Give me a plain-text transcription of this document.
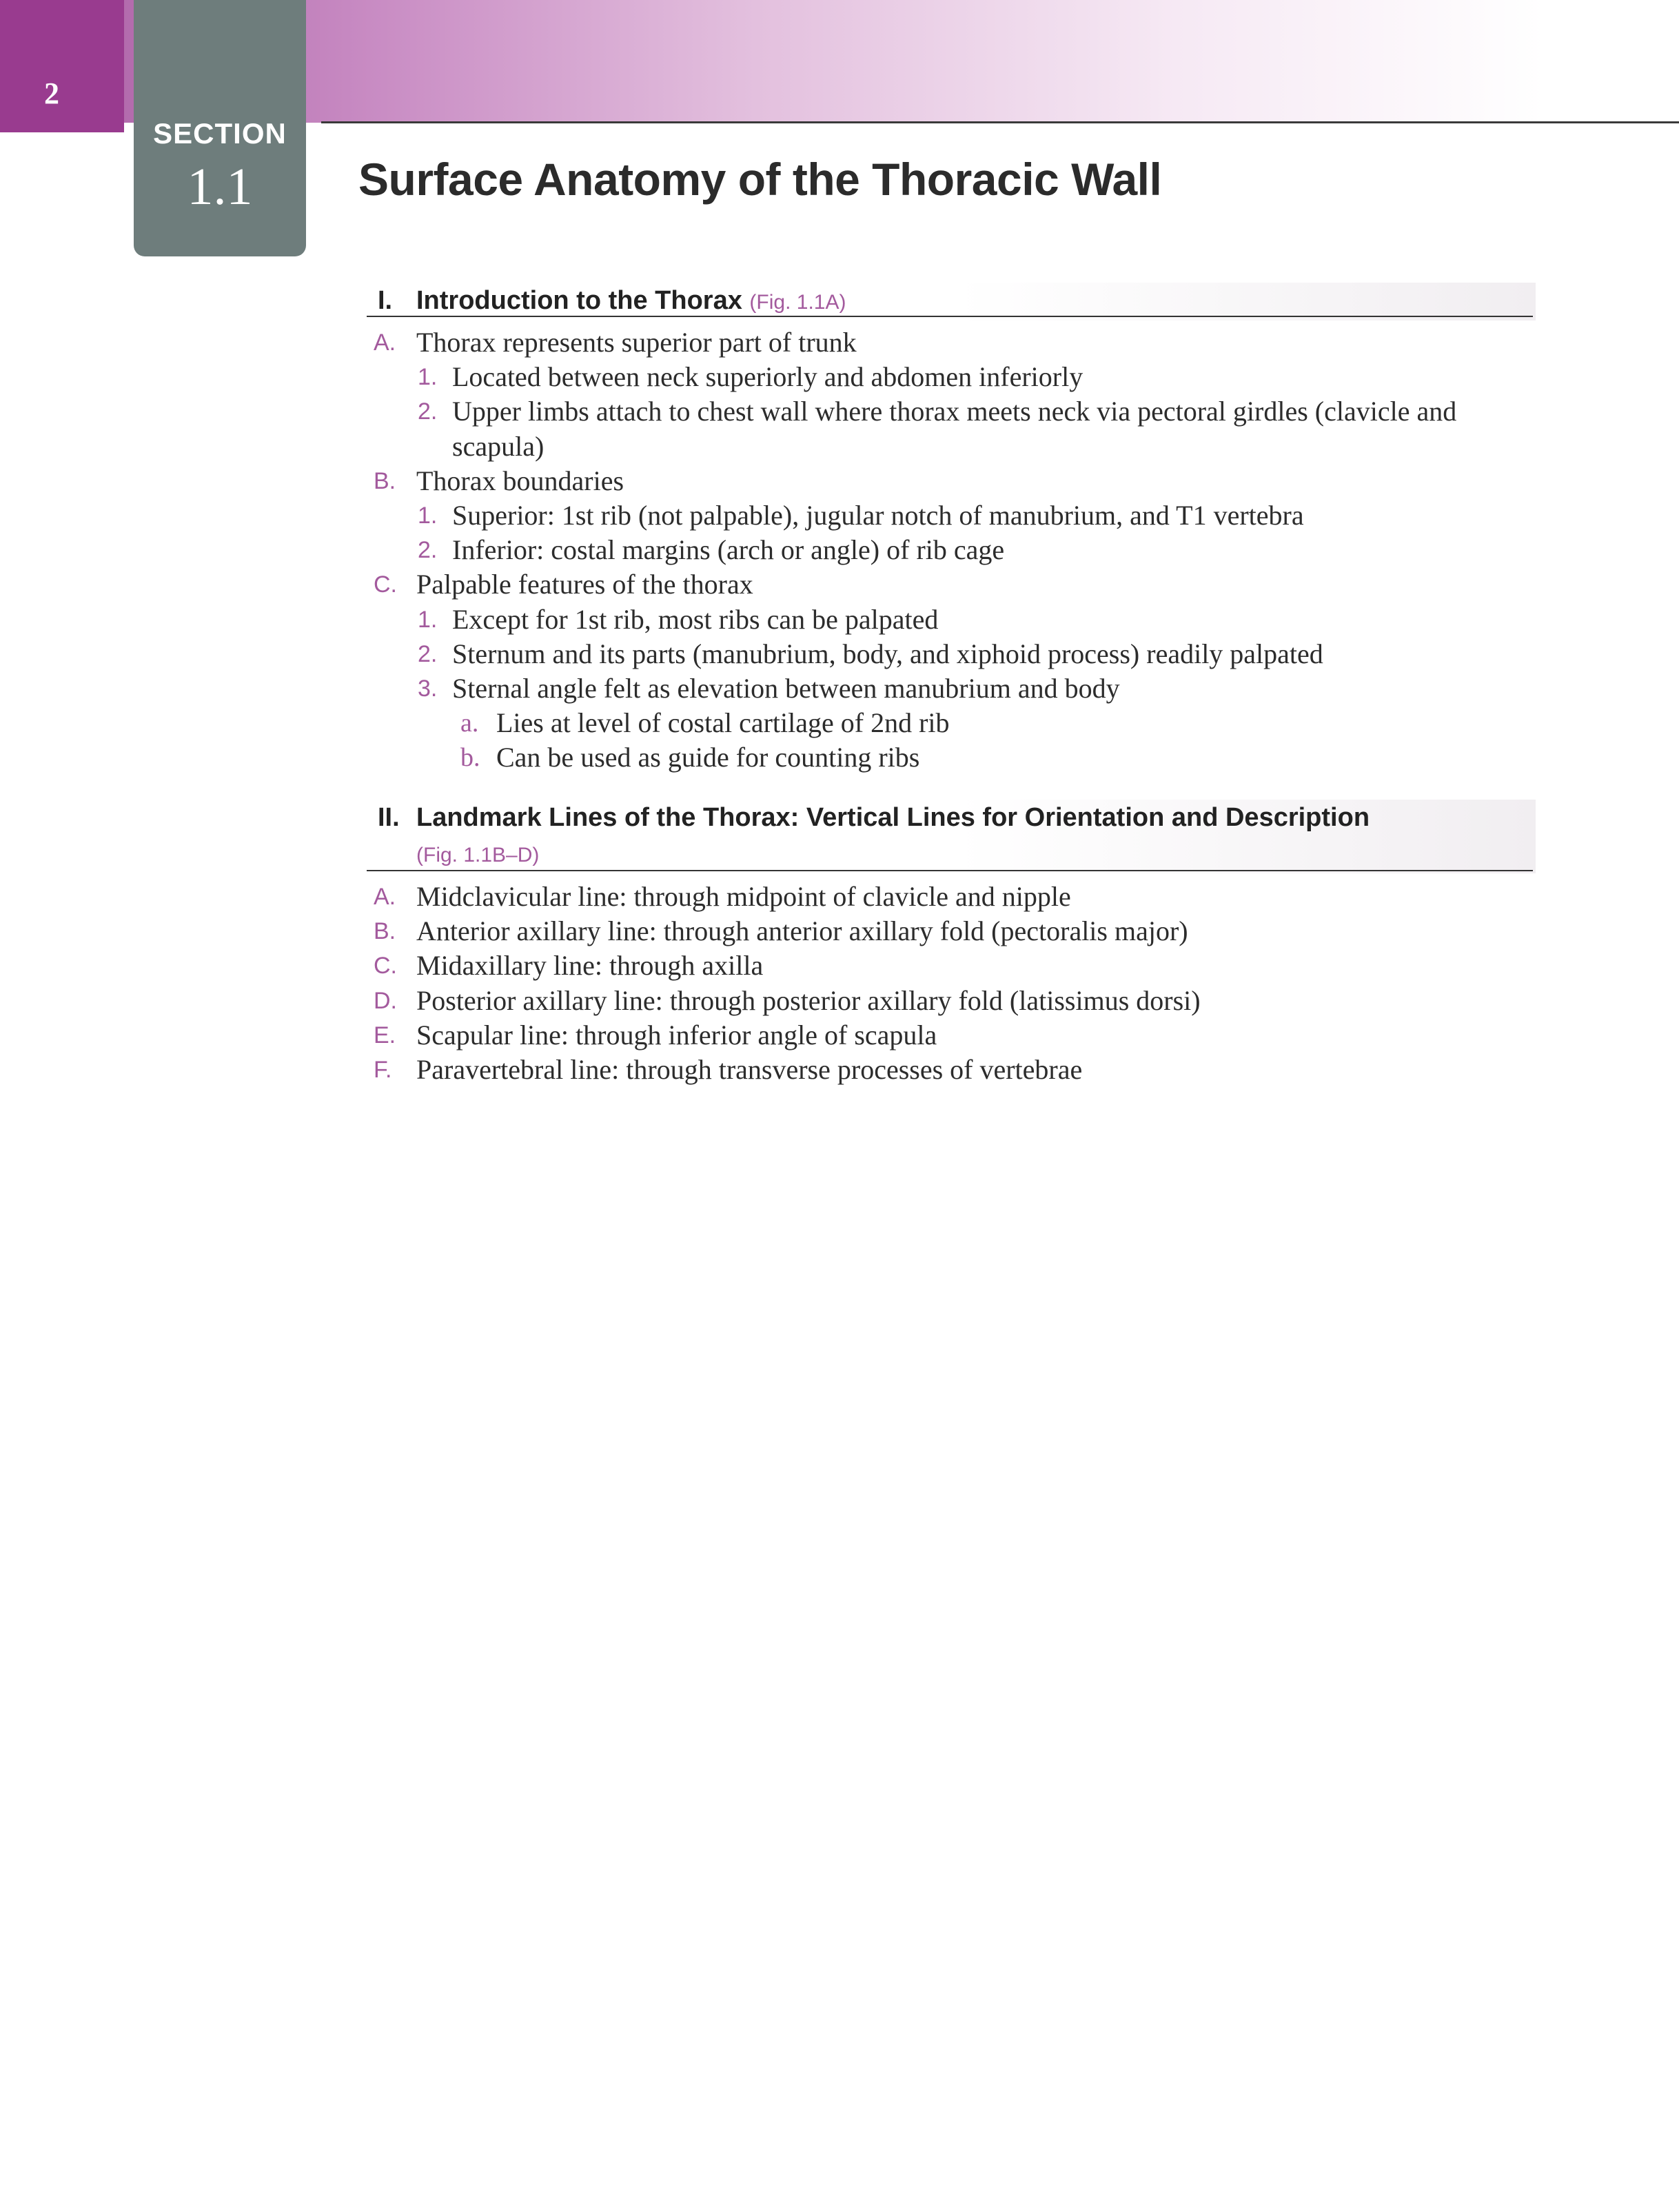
2
SECTION
1.1	Surface Anatomy of the Thoracic Wall
I. Introduction to the Thorax (Fig. 1.1A)
A. Thorax represents superior part of trunk
1. Located between neck superiorly and abdomen inferiorly
2. Upper limbs attach to chest wall where thorax meets neck via pectoral girdles (clavicle and scapula)
B. Thorax boundaries
1. Superior: 1st rib (not palpable), jugular notch of manubrium, and T1 vertebra
2. Inferior: costal margins (arch or angle) of rib cage
C. Palpable features of the thorax
1. Except for 1st rib, most ribs can be palpated
2. Sternum and its parts (manubrium, body, and xiphoid process) readily palpated
3. Sternal angle felt as elevation between manubrium and body
a. Lies at level of costal cartilage of 2nd rib
b. Can be used as guide for counting ribs
II. Landmark Lines of the Thorax: Vertical Lines for Orientation and Description (Fig. 1.1B–D)
A. Midclavicular line: through midpoint of clavicle and nipple
B. Anterior axillary line: through anterior axillary fold (pectoralis major)
C. Midaxillary line: through axilla
D. Posterior axillary line: through posterior axillary fold (latissimus dorsi)
E. Scapular line: through inferior angle of scapula
F. Paravertebral line: through transverse processes of vertebrae
